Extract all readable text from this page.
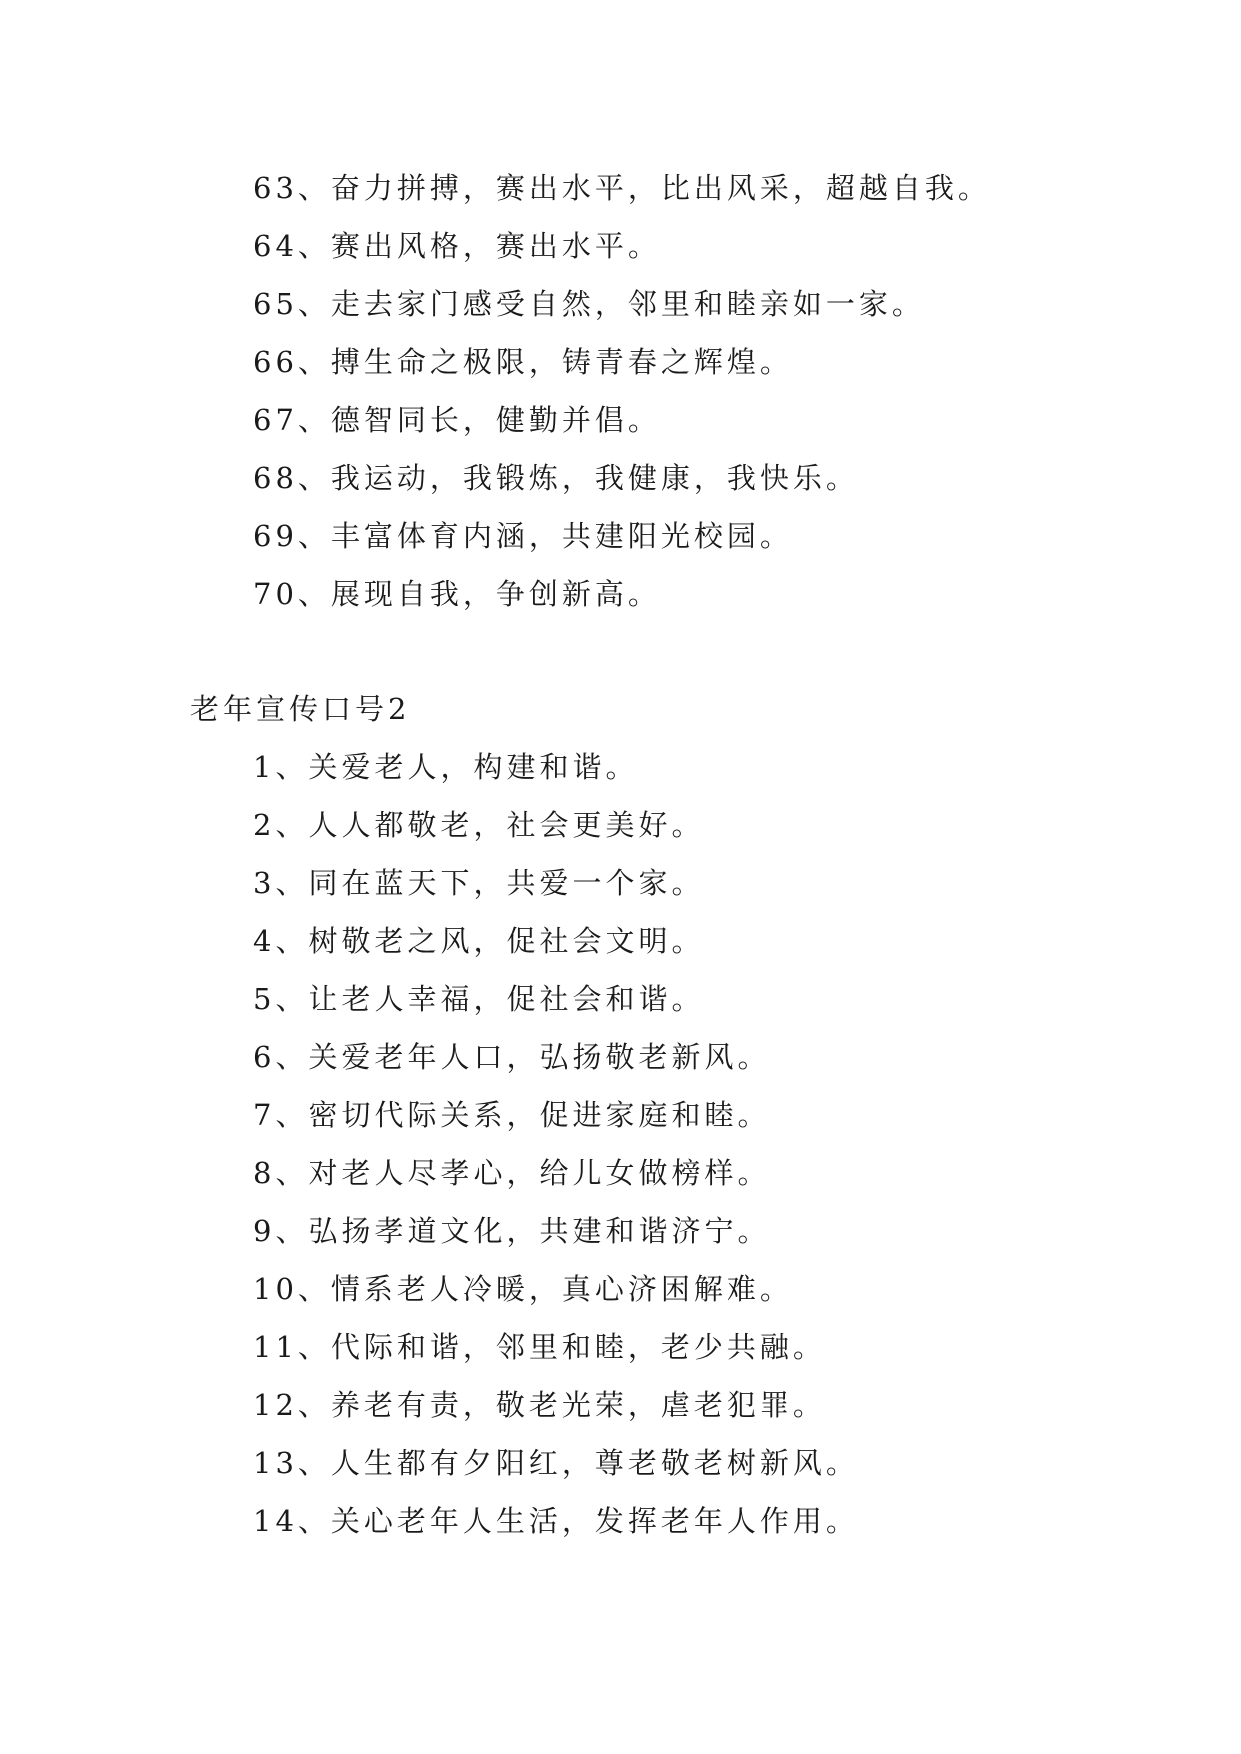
63、奋力拼搏，赛出水平，比出风采，超越自我。
64、赛出风格，赛出水平。
65、走去家门感受自然，邻里和睦亲如一家。
66、搏生命之极限，铸青春之辉煌。
67、德智同长，健勤并倡。
68、我运动，我锻炼，我健康，我快乐。
69、丰富体育内涵，共建阳光校园。
70、展现自我，争创新高。
老年宣传口号2
1、关爱老人，构建和谐。
2、人人都敬老，社会更美好。
3、同在蓝天下，共爱一个家。
4、树敬老之风，促社会文明。
5、让老人幸福，促社会和谐。
6、关爱老年人口，弘扬敬老新风。
7、密切代际关系，促进家庭和睦。
8、对老人尽孝心，给儿女做榜样。
9、弘扬孝道文化，共建和谐济宁。
10、情系老人冷暖，真心济困解难。
11、代际和谐，邻里和睦，老少共融。
12、养老有责，敬老光荣，虐老犯罪。
13、人生都有夕阳红，尊老敬老树新风。
14、关心老年人生活，发挥老年人作用。
